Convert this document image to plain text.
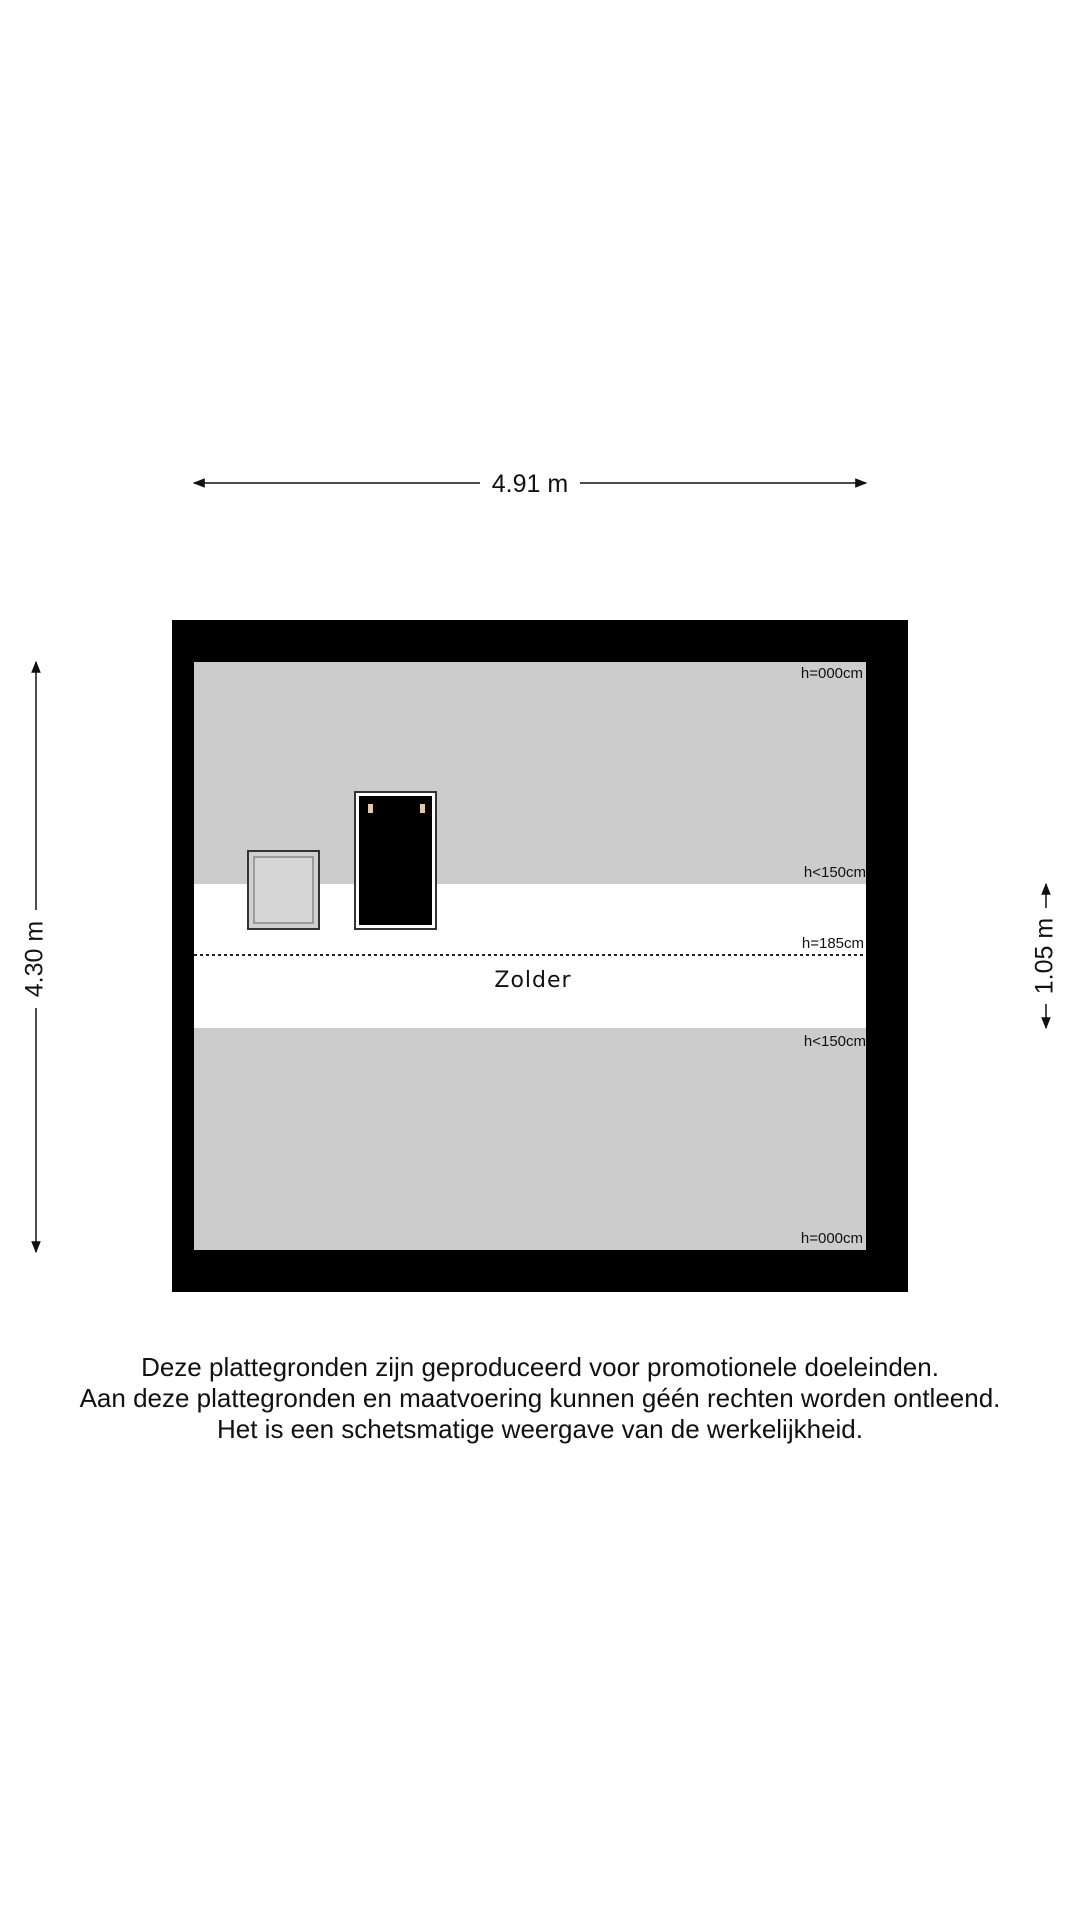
4.91 m
4.30 m	1.05 m
h=000cm
h<150cm
h=185cm
h<150cm
h=000cm
Zolder
Deze plattegronden zijn geproduceerd voor promotionele doeleinden.
Aan deze plattegronden en maatvoering kunnen géén rechten worden ontleend.
Het is een schetsmatige weergave van de werkelijkheid.
